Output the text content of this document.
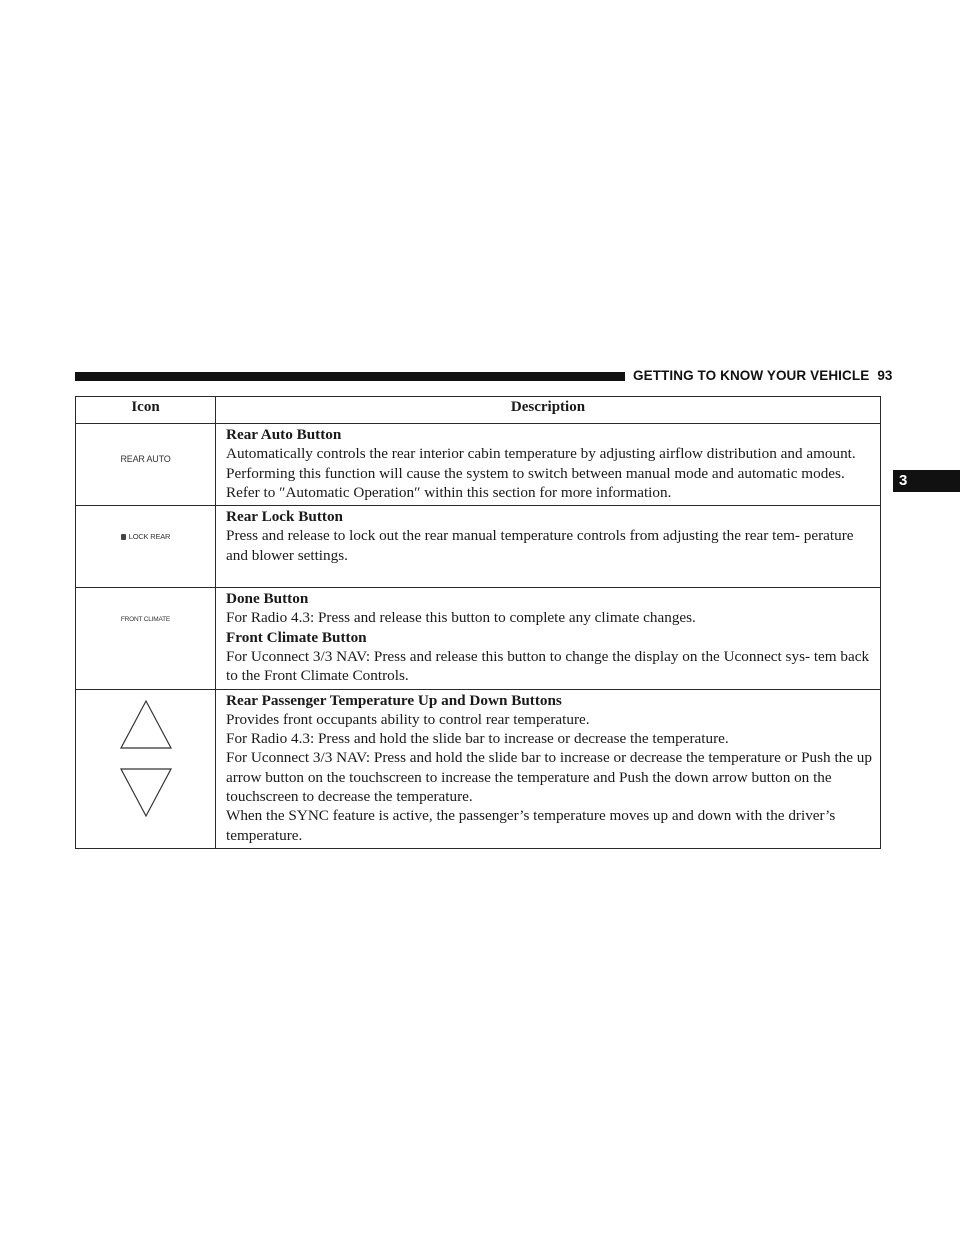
GETTING TO KNOW YOUR VEHICLE 93
3
Icon	Description
REAR AUTO	Rear Auto Button
Automatically controls the rear interior cabin temperature by adjusting airflow distribution and amount. Performing this function will cause the system to switch between manual mode and automatic modes. Refer to ″Automatic Operation″ within this section for more information.

LOCK REAR	Rear Lock Button
Press and release to lock out the rear manual temperature controls from adjusting the rear tem- perature and blower settings.

FRONT CLIMATE	Done Button
For Radio 4.3: Press and release this button to complete any climate changes.
Front Climate Button
For Uconnect 3/3 NAV: Press and release this button to change the display on the Uconnect sys- tem back to the Front Climate Controls.

Rear Passenger Temperature Up and Down Buttons
Provides front occupants ability to control rear temperature.
For Radio 4.3: Press and hold the slide bar to increase or decrease the temperature.
For Uconnect 3/3 NAV: Press and hold the slide bar to increase or decrease the temperature or Push the up arrow button on the touchscreen to increase the temperature and Push the down arrow button on the touchscreen to decrease the temperature.
When the SYNC feature is active, the passenger’s temperature moves up and down with the driver’s temperature.
